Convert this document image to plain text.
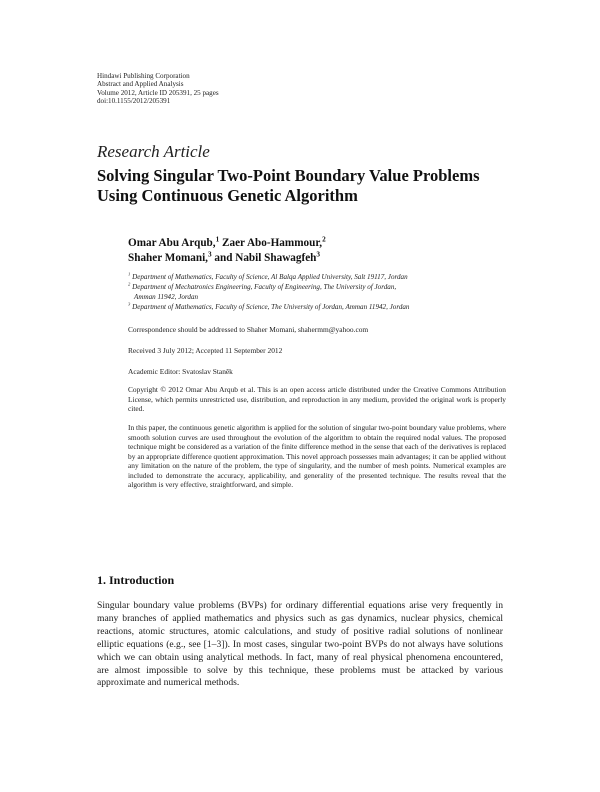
Hindawi Publishing Corporation
Abstract and Applied Analysis
Volume 2012, Article ID 205391, 25 pages
doi:10.1155/2012/205391
Research Article
Solving Singular Two-Point Boundary Value Problems Using Continuous Genetic Algorithm
Omar Abu Arqub,$^1$ Zaer Abo-Hammour,$^2$
Shaher Momani,$^3$ and Nabil Shawagfeh$^3$
$^1$ Department of Mathematics, Faculty of Science, Al Balqa Applied University, Salt 19117, Jordan
$^2$ Department of Mechatronics Engineering, Faculty of Engineering, The University of Jordan,
Amman 11942, Jordan
$^3$ Department of Mathematics, Faculty of Science, The University of Jordan, Amman 11942, Jordan
Correspondence should be addressed to Shaher Momani, shahermm@yahoo.com
Received 3 July 2012; Accepted 11 September 2012
Academic Editor: Svatoslav Staněk
Copyright © 2012 Omar Abu Arqub et al. This is an open access article distributed under the Creative Commons Attribution License, which permits unrestricted use, distribution, and reproduction in any medium, provided the original work is properly cited.
In this paper, the continuous genetic algorithm is applied for the solution of singular two-point boundary value problems, where smooth solution curves are used throughout the evolution of the algorithm to obtain the required nodal values. The proposed technique might be considered as a variation of the finite difference method in the sense that each of the derivatives is replaced by an appropriate difference quotient approximation. This novel approach possesses main advantages; it can be applied without any limitation on the nature of the problem, the type of singularity, and the number of mesh points. Numerical examples are included to demonstrate the accuracy, applicability, and generality of the presented technique. The results reveal that the algorithm is very effective, straightforward, and simple.
1. Introduction
Singular boundary value problems (BVPs) for ordinary differential equations arise very frequently in many branches of applied mathematics and physics such as gas dynamics, nuclear physics, chemical reactions, atomic structures, atomic calculations, and study of positive radial solutions of nonlinear elliptic equations (e.g., see [1–3]). In most cases, singular two-point BVPs do not always have solutions which we can obtain using analytical methods. In fact, many of real physical phenomena encountered, are almost impossible to solve by this technique, these problems must be attacked by various approximate and numerical methods.
